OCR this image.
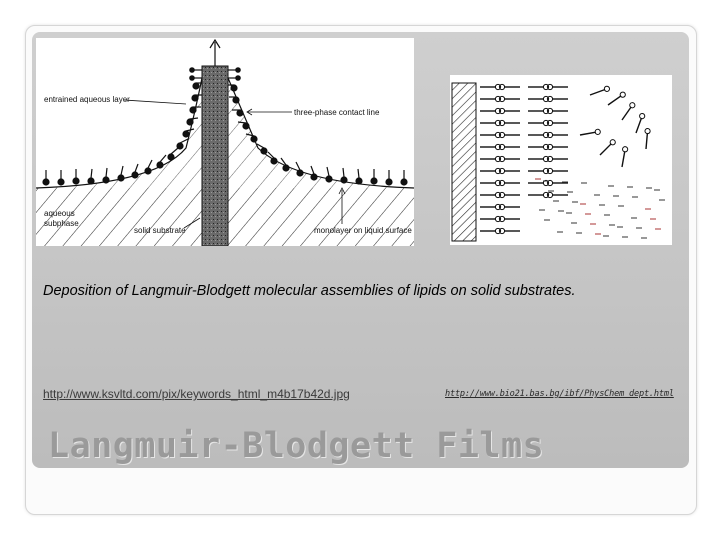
entrained aqueous layer
three-phase contact line
aqueous
subphase
solid substrate	monolayer on liquid surface
Deposition of Langmuir-Blodgett molecular assemblies of lipids on solid substrates.
http://www.ksvltd.com/pix/keywords_html_m4b17b42d.jpg	http://www.bio21.bas.bg/ibf/PhysChem_dept.html
Langmuir-Blodgett Films
